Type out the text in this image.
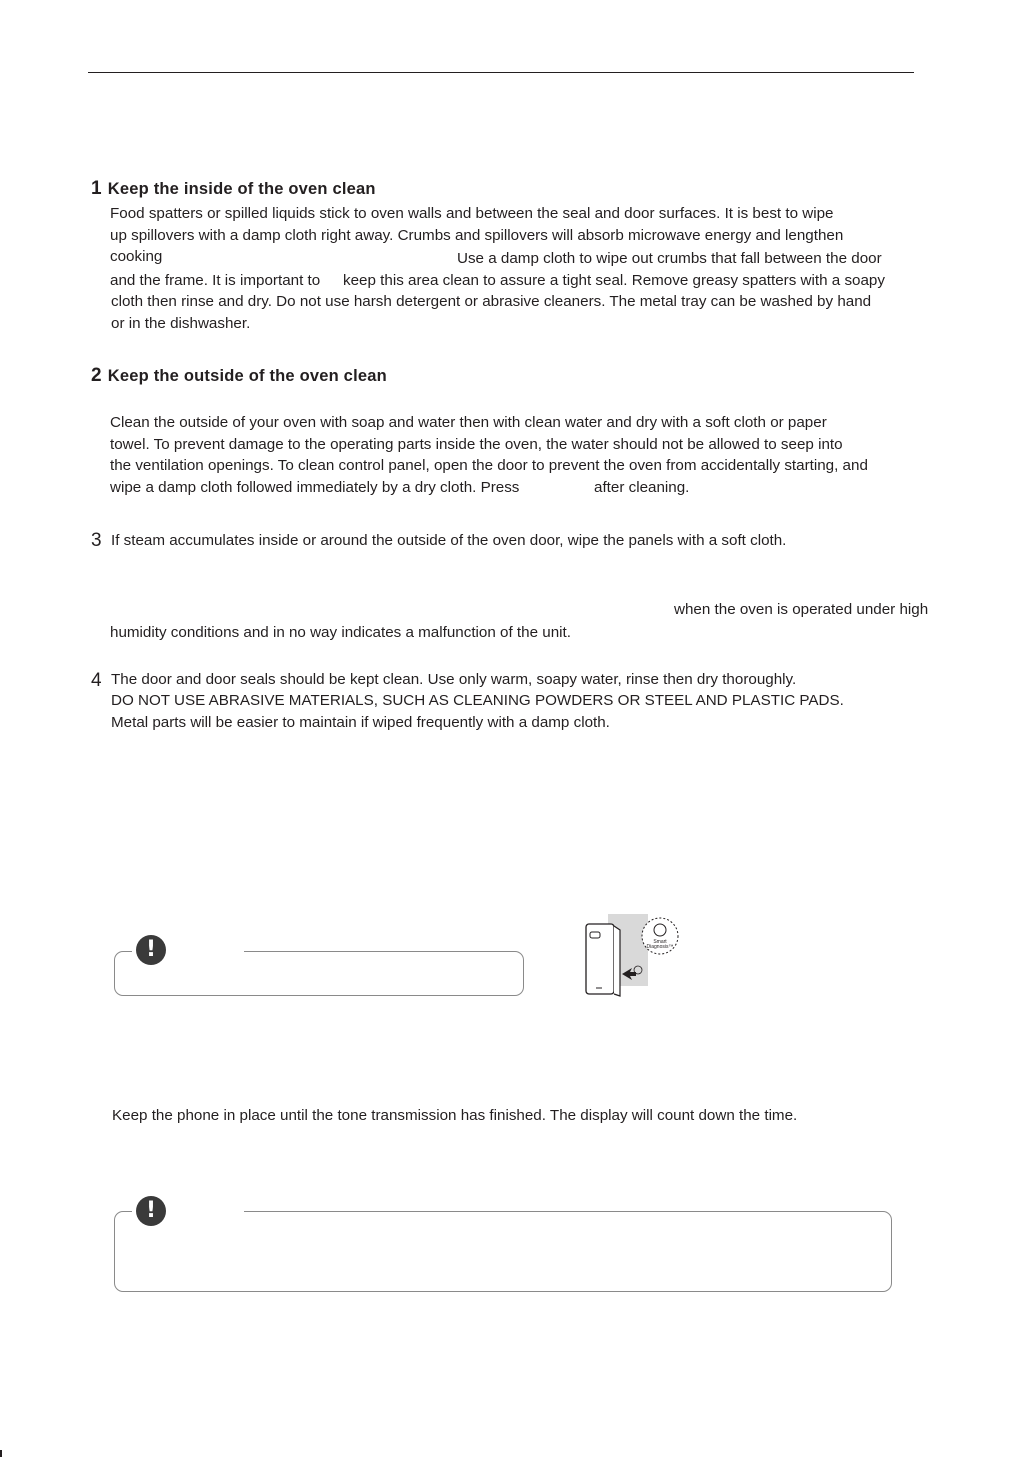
1 Keep the inside of the oven clean
Food spatters or spilled liquids stick to oven walls and between the seal and door surfaces. It is best to wipe
up spillovers with a damp cloth right away. Crumbs and spillovers will absorb microwave energy and lengthen
cooking	Use a damp cloth to wipe out crumbs that fall between the door
and the frame. It is important to keep this area clean to assure a tight seal. Remove greasy spatters with a soapy
cloth then rinse and dry. Do not use harsh detergent or abrasive cleaners. The metal tray can be washed by hand
or in the dishwasher.
2 Keep the outside of the oven clean
Clean the outside of your oven with soap and water then with clean water and dry with a soft cloth or paper
towel. To prevent damage to the operating parts inside the oven, the water should not be allowed to seep into
the ventilation openings. To clean control panel, open the door to prevent the oven from accidentally starting, and
wipe a damp cloth followed immediately by a dry cloth. Press	after cleaning.
3 If steam accumulates inside or around the outside of the oven door, wipe the panels with a soft cloth.
when the oven is operated under high
humidity conditions and in no way indicates a malfunction of the unit.
4 The door and door seals should be kept clean. Use only warm, soapy water, rinse then dry thoroughly.
DO NOT USE ABRASIVE MATERIALS, SUCH AS CLEANING POWDERS OR STEEL AND PLASTIC PADS.
Metal parts will be easier to maintain if wiped frequently with a damp cloth.
!	Smart
Diagnosis™
Keep the phone in place until the tone transmission has finished. The display will count down the time.
!
